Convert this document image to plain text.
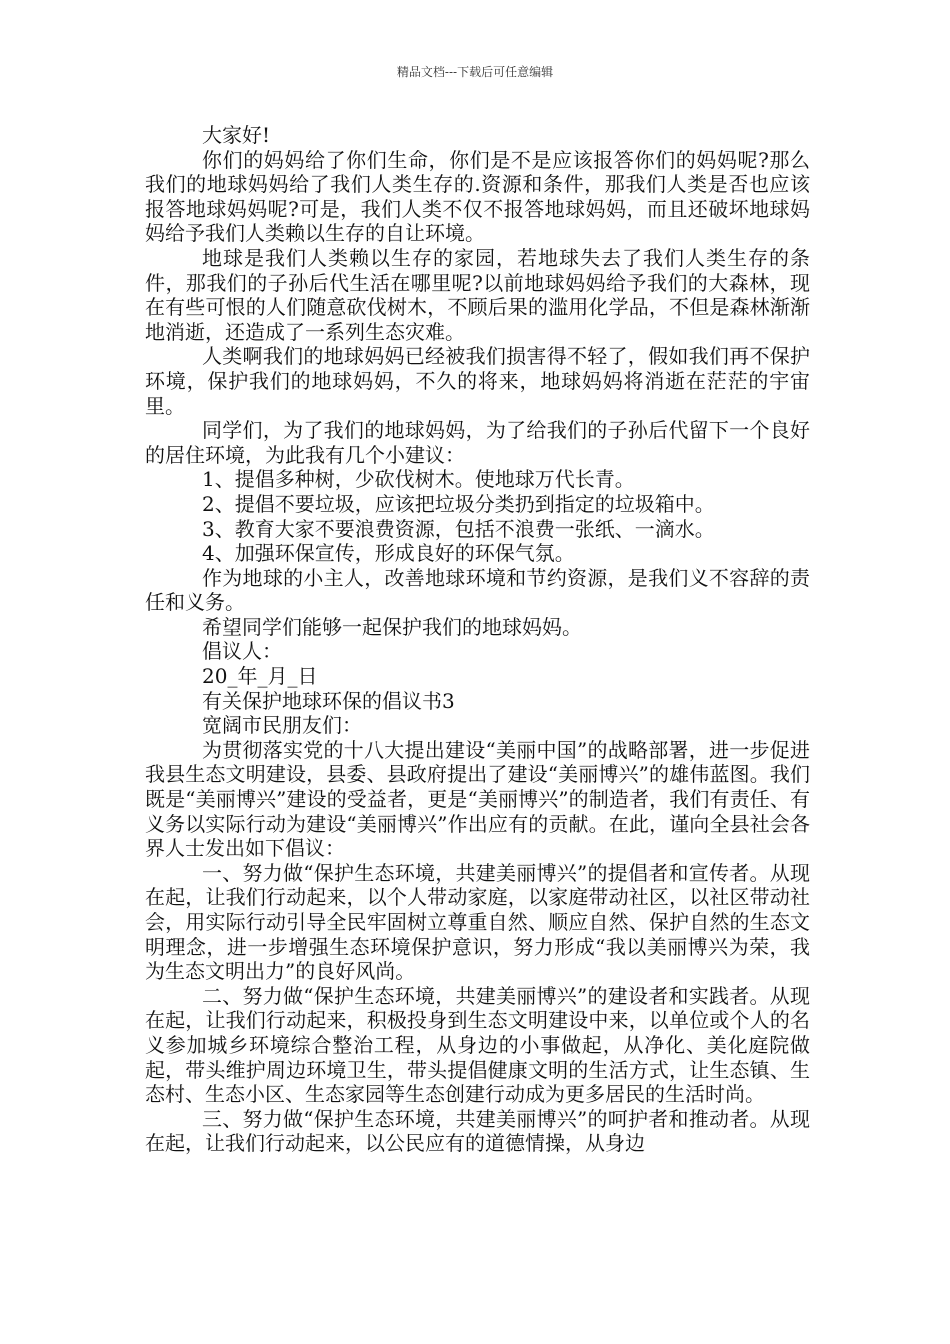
精品文档---下载后可任意编辑

大家好!

你们的妈妈给了你们生命，你们是不是应该报答你们的妈妈呢?那么我们的地球妈妈给了我们人类生存的.资源和条件，那我们人类是否也应该报答地球妈妈呢?可是，我们人类不仅不报答地球妈妈，而且还破坏地球妈妈给予我们人类赖以生存的自让环境。

地球是我们人类赖以生存的家园，若地球失去了我们人类生存的条件，那我们的子孙后代生活在哪里呢?以前地球妈妈给予我们的大森林，现在有些可恨的人们随意砍伐树木，不顾后果的滥用化学品，不但是森林渐渐地消逝，还造成了一系列生态灾难。

人类啊我们的地球妈妈已经被我们损害得不轻了，假如我们再不保护环境，保护我们的地球妈妈，不久的将来，地球妈妈将消逝在茫茫的宇宙里。

同学们，为了我们的地球妈妈，为了给我们的子孙后代留下一个良好的居住环境，为此我有几个小建议：

1、提倡多种树，少砍伐树木。使地球万代长青。

2、提倡不要垃圾，应该把垃圾分类扔到指定的垃圾箱中。

3、教育大家不要浪费资源，包括不浪费一张纸、一滴水。

4、加强环保宣传，形成良好的环保气氛。

作为地球的小主人，改善地球环境和节约资源，是我们义不容辞的责任和义务。

希望同学们能够一起保护我们的地球妈妈。

倡议人：

20_年_月_日

有关保护地球环保的倡议书3

宽阔市民朋友们：

为贯彻落实党的十八大提出建设“美丽中国”的战略部署，进一步促进我县生态文明建设，县委、县政府提出了建设“美丽博兴”的雄伟蓝图。我们既是“美丽博兴”建设的受益者，更是“美丽博兴”的制造者，我们有责任、有义务以实际行动为建设“美丽博兴”作出应有的贡献。在此，谨向全县社会各界人士发出如下倡议：

一、努力做“保护生态环境，共建美丽博兴”的提倡者和宣传者。从现在起，让我们行动起来，以个人带动家庭，以家庭带动社区，以社区带动社会，用实际行动引导全民牢固树立尊重自然、顺应自然、保护自然的生态文明理念，进一步增强生态环境保护意识，努力形成“我以美丽博兴为荣，我为生态文明出力”的良好风尚。

二、努力做“保护生态环境，共建美丽博兴”的建设者和实践者。从现在起，让我们行动起来，积极投身到生态文明建设中来，以单位或个人的名义参加城乡环境综合整治工程，从身边的小事做起，从净化、美化庭院做起，带头维护周边环境卫生，带头提倡健康文明的生活方式，让生态镇、生态村、生态小区、生态家园等生态创建行动成为更多居民的生活时尚。

三、努力做“保护生态环境，共建美丽博兴”的呵护者和推动者。从现在起，让我们行动起来，以公民应有的道德情操，从身边
